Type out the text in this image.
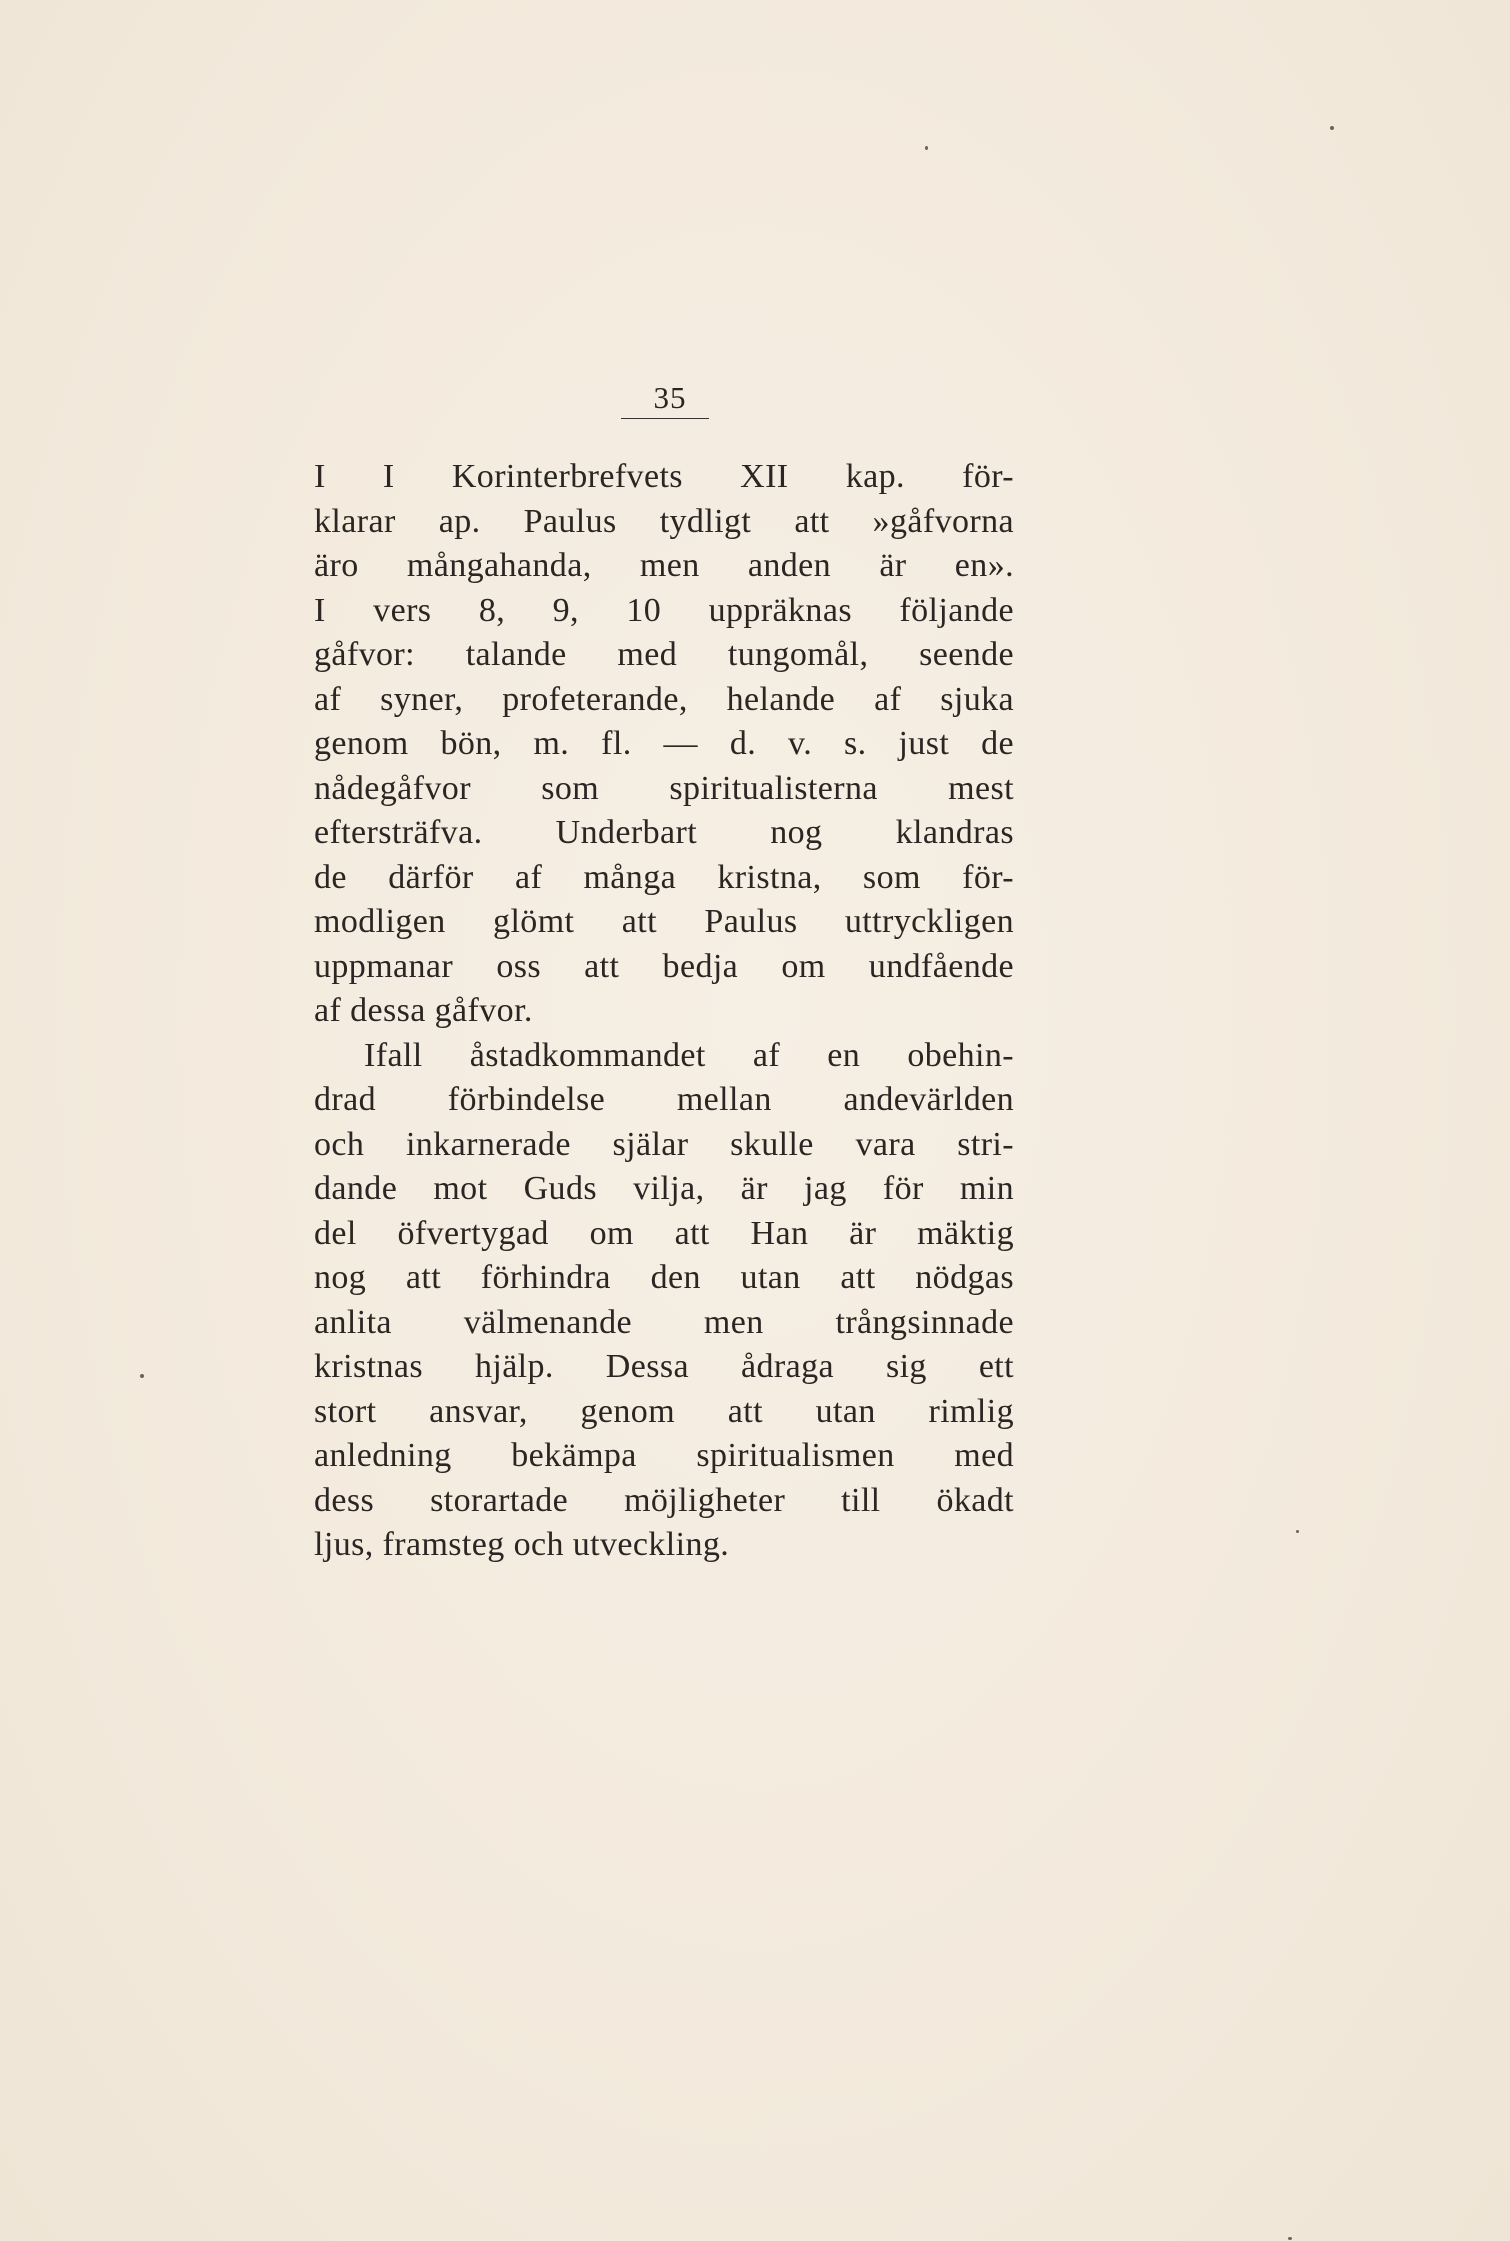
35
I I Korinterbrefvets XII kap. för-
klarar ap. Paulus tydligt att »gåfvorna
äro mångahanda, men anden är en».
I vers 8, 9, 10 uppräknas följande
gåfvor: talande med tungomål, seende
af syner, profeterande, helande af sjuka
genom bön, m. fl. — d. v. s. just de
nådegåfvor som spiritualisterna mest
eftersträfva. Underbart nog klandras
de därför af många kristna, som för-
modligen glömt att Paulus uttryckligen
uppmanar oss att bedja om undfående
af dessa gåfvor.
Ifall åstadkommandet af en obehin-
drad förbindelse mellan andevärlden
och inkarnerade själar skulle vara stri-
dande mot Guds vilja, är jag för min
del öfvertygad om att Han är mäktig
nog att förhindra den utan att nödgas
anlita välmenande men trångsinnade
kristnas hjälp. Dessa ådraga sig ett
stort ansvar, genom att utan rimlig
anledning bekämpa spiritualismen med
dess storartade möjligheter till ökadt
ljus, framsteg och utveckling.
